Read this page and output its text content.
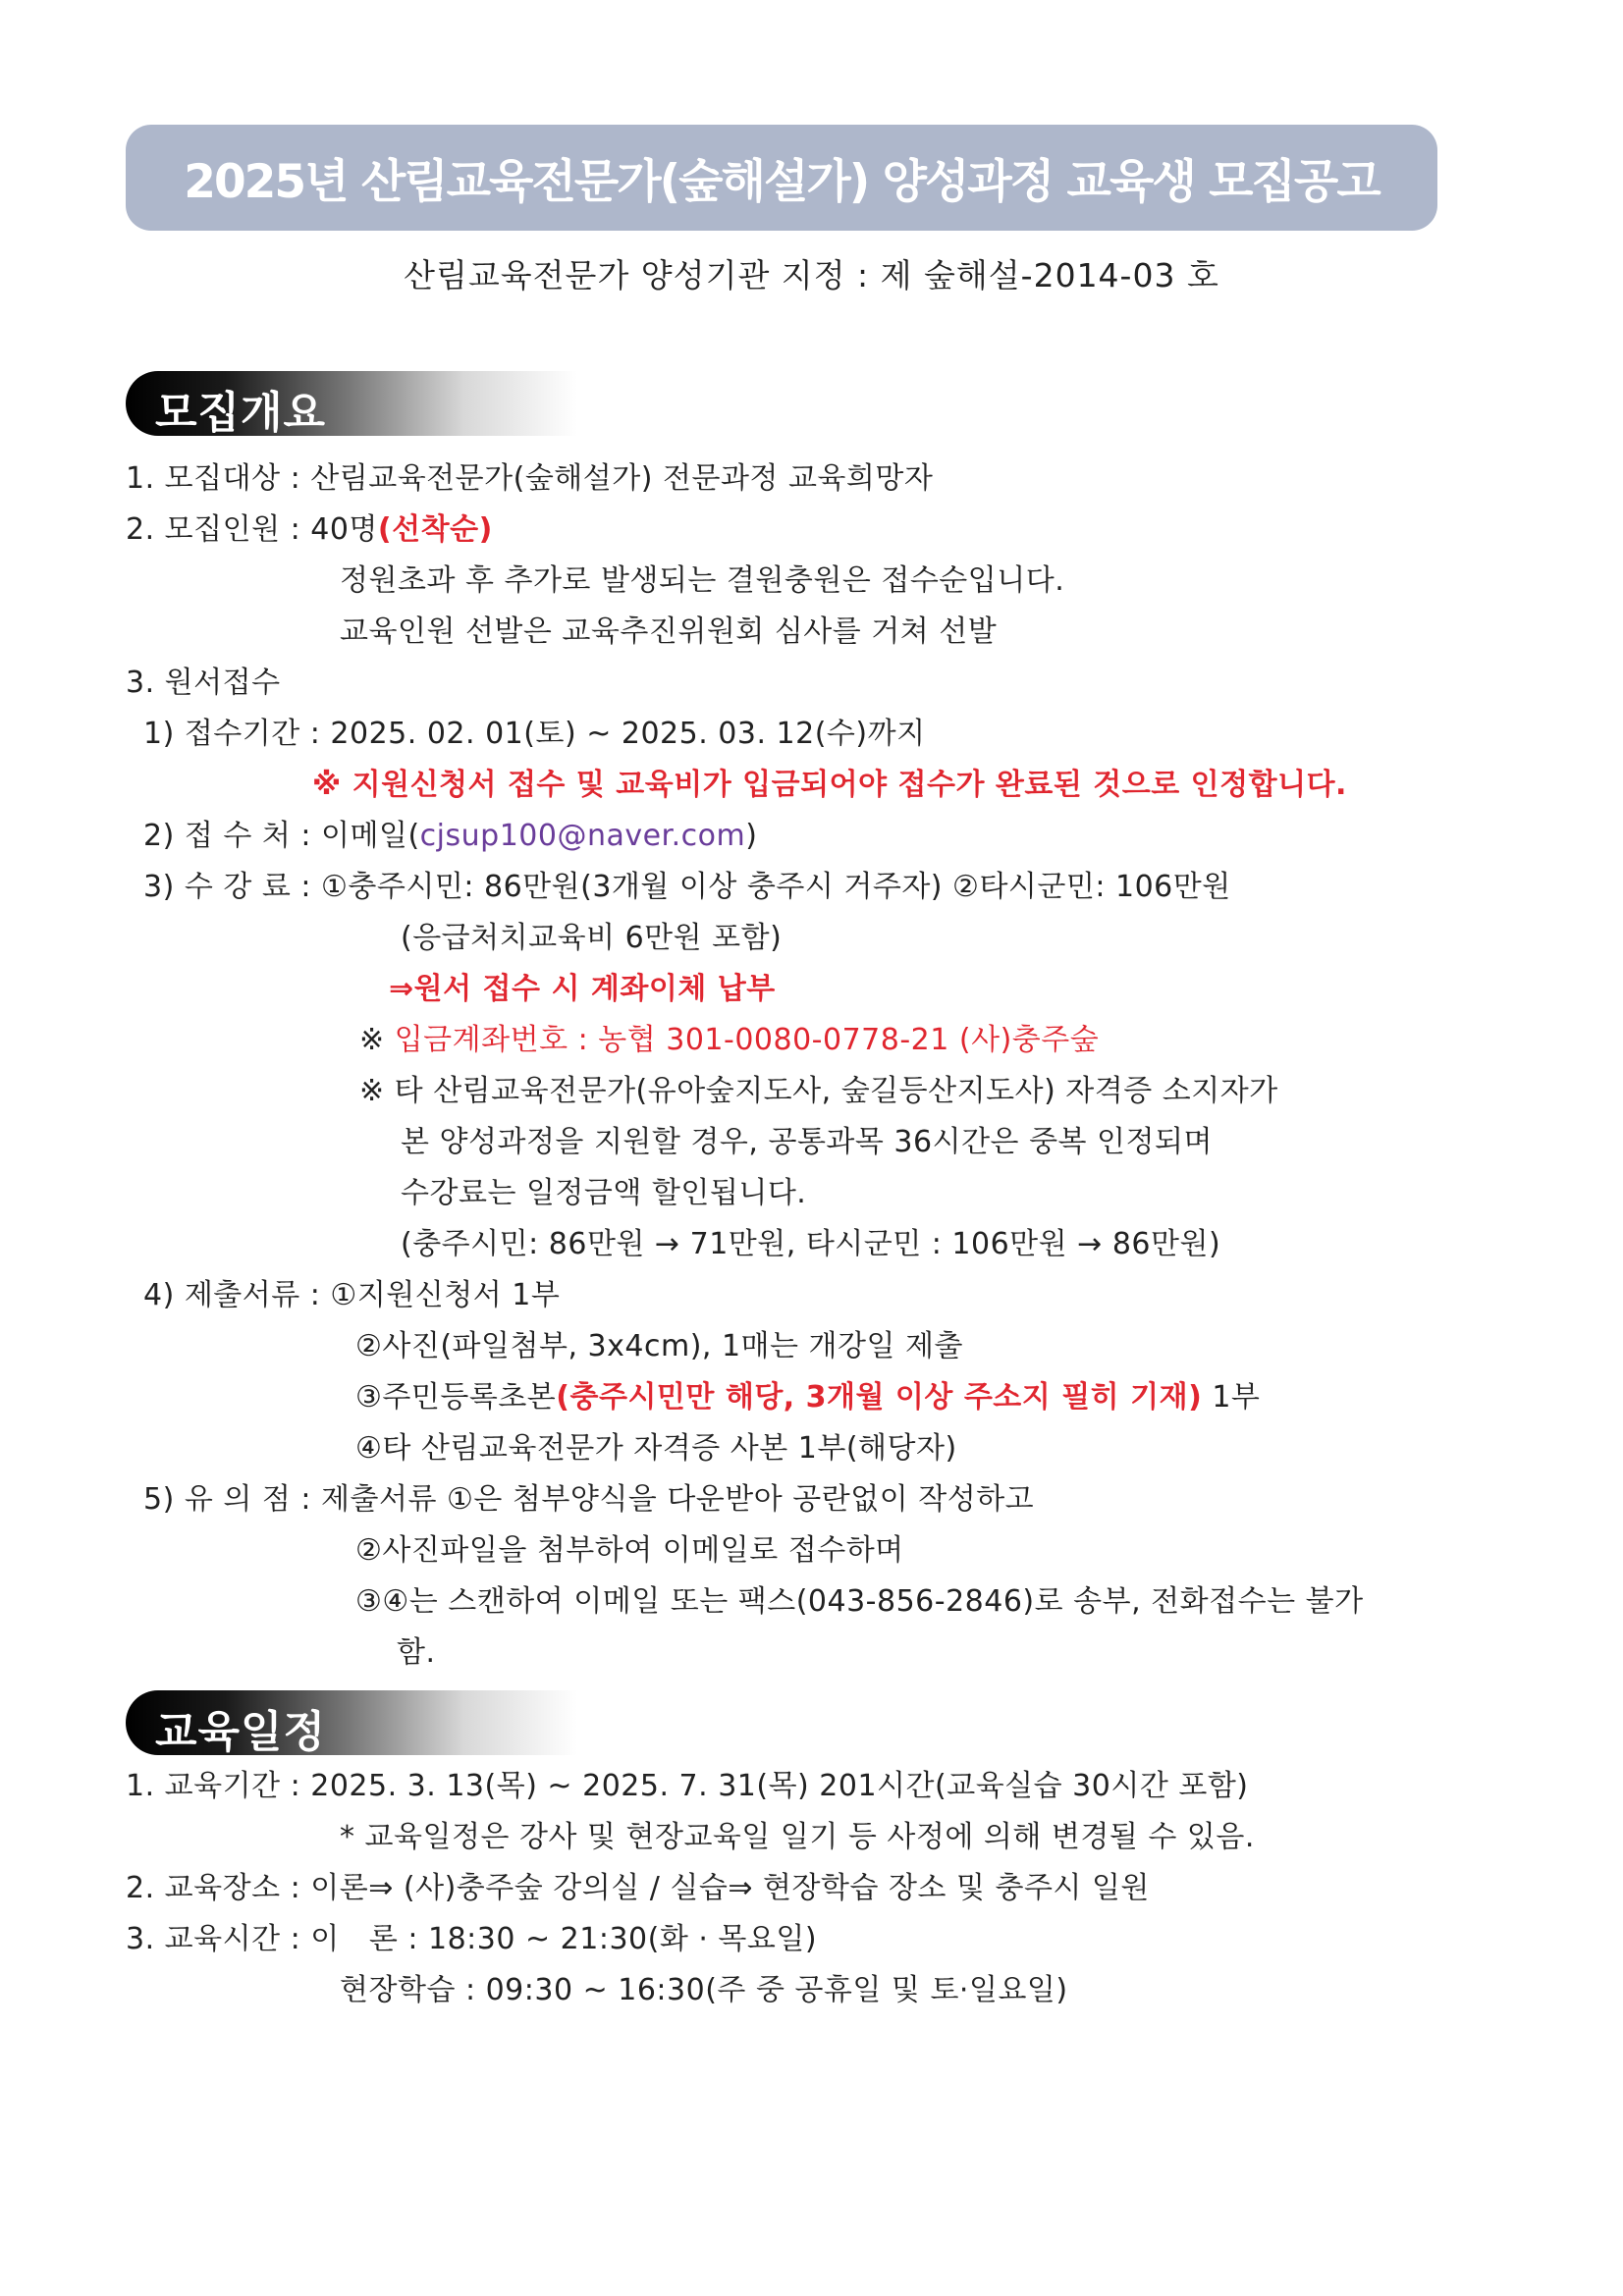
2025년 산림교육전문가(숲해설가) 양성과정 교육생 모집공고
산림교육전문가 양성기관 지정 : 제 숲해설-2014-03 호
모집개요
1. 모집대상 : 산림교육전문가(숲해설가) 전문과정 교육희망자
2. 모집인원 : 40명(선착순)
정원초과 후 추가로 발생되는 결원충원은 접수순입니다.
교육인원 선발은 교육추진위원회 심사를 거쳐 선발
3. 원서접수
1) 접수기간 : 2025. 02. 01(토) ~ 2025. 03. 12(수)까지
※ 지원신청서 접수 및 교육비가 입금되어야 접수가 완료된 것으로 인정합니다.
2) 접 수 처 : 이메일(cjsup100@naver.com)
3) 수 강 료 : ①충주시민: 86만원(3개월 이상 충주시 거주자) ②타시군민: 106만원
(응급처치교육비 6만원 포함)
⇒원서 접수 시 계좌이체 납부
※ 입금계좌번호 : 농협 301-0080-0778-21 (사)충주숲
※ 타 산림교육전문가(유아숲지도사, 숲길등산지도사) 자격증 소지자가
본 양성과정을 지원할 경우, 공통과목 36시간은 중복 인정되며
수강료는 일정금액 할인됩니다.
(충주시민: 86만원 → 71만원, 타시군민 : 106만원 → 86만원)
4) 제출서류 : ①지원신청서 1부
②사진(파일첨부, 3x4cm), 1매는 개강일 제출
③주민등록초본(충주시민만 해당, 3개월 이상 주소지 필히 기재) 1부
④타 산림교육전문가 자격증 사본 1부(해당자)
5) 유 의 점 : 제출서류 ①은 첨부양식을 다운받아 공란없이 작성하고
②사진파일을 첨부하여 이메일로 접수하며
③④는 스캔하여 이메일 또는 팩스(043-856-2846)로 송부, 전화접수는 불가
함.
교육일정
1. 교육기간 : 2025. 3. 13(목) ~ 2025. 7. 31(목) 201시간(교육실습 30시간 포함)
* 교육일정은 강사 및 현장교육일 일기 등 사정에 의해 변경될 수 있음.
2. 교육장소 : 이론⇒ (사)충주숲 강의실 / 실습⇒ 현장학습 장소 및 충주시 일원
3. 교육시간 : 이   론 : 18:30 ~ 21:30(화 · 목요일)
현장학습 : 09:30 ~ 16:30(주 중 공휴일 및 토·일요일)
